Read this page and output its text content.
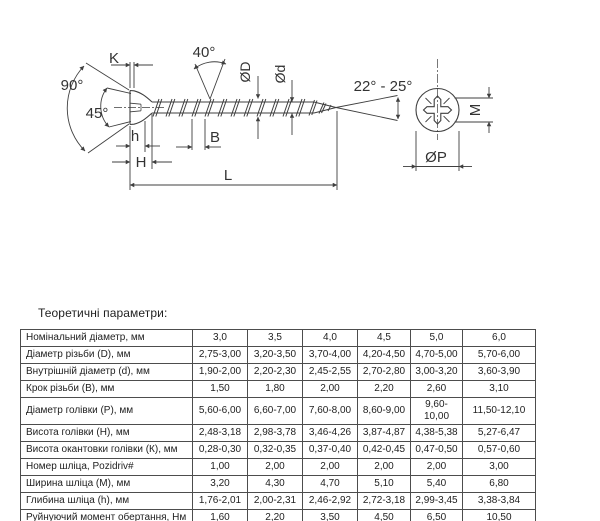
K
90°
45°
40°
ØD Ød
h
H
B
L
22° - 25°
M
ØP
Теоретичні параметри:
Номінальний діаметр, мм	3,0	3,5	4,0	4,5	5,0	6,0
Діаметр різьби (D), мм	2,75-3,00	3,20-3,50	3,70-4,00	4,20-4,50	4,70-5,00	5,70-6,00
Внутрішній діаметр (d), мм	1,90-2,00	2,20-2,30	2,45-2,55	2,70-2,80	3,00-3,20	3,60-3,90
Крок різьби (B), мм	1,50	1,80	2,00	2,20	2,60	3,10
Діаметр голівки (P), мм	5,60-6,00	6,60-7,00	7,60-8,00	8,60-9,00	9,60-10,00	11,50-12,10
Висота голівки (H), мм	2,48-3,18	2,98-3,78	3,46-4,26	3,87-4,87	4,38-5,38	5,27-6,47
Висота окантовки голівки (К), мм	0,28-0,30	0,32-0,35	0,37-0,40	0,42-0,45	0,47-0,50	0,57-0,60
Номер шліца, Pozidriv#	1,00	2,00	2,00	2,00	2,00	3,00
Ширина шліца (M), мм	3,20	4,30	4,70	5,10	5,40	6,80
Глибина шліца (h), мм	1,76-2,01	2,00-2,31	2,46-2,92	2,72-3,18	2,99-3,45	3,38-3,84
Руйнуючий момент обертання, Нм	1,60	2,20	3,50	4,50	6,50	10,50
